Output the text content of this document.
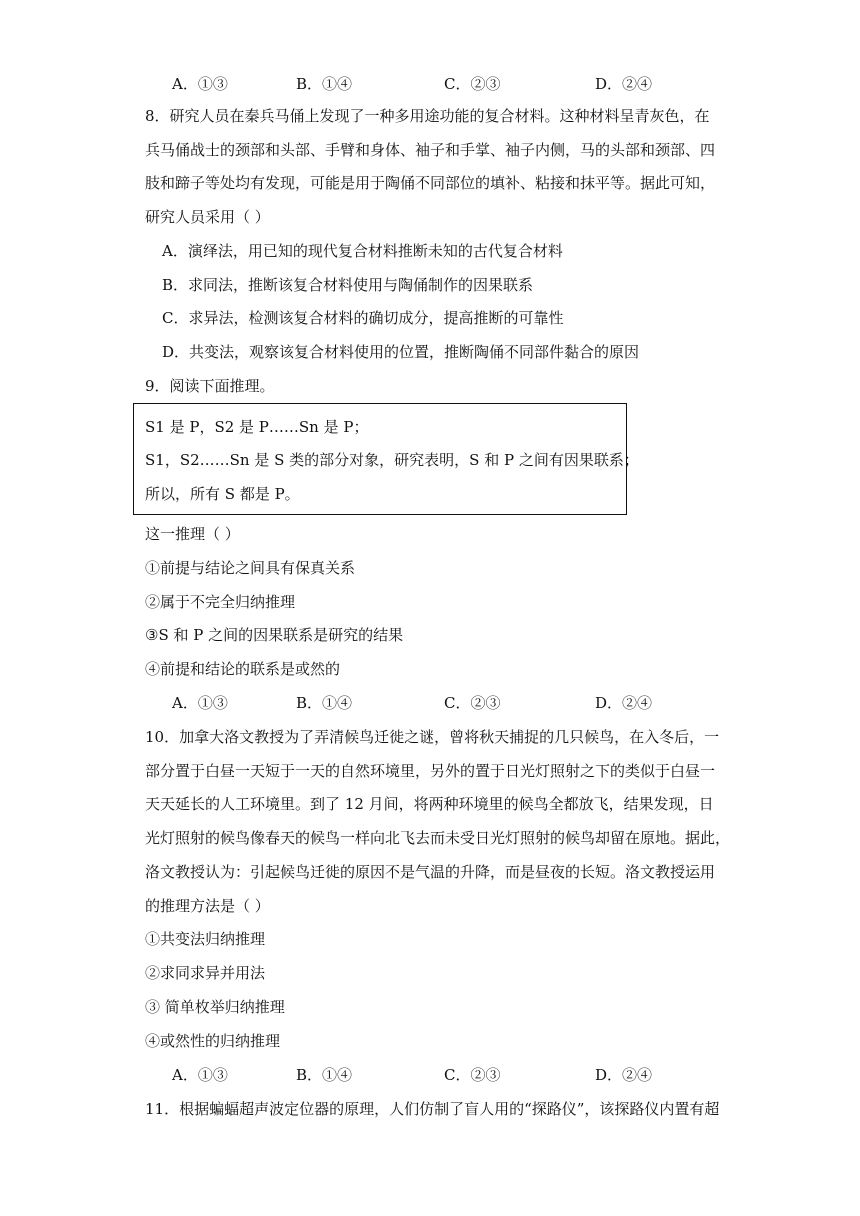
A．①③	B．①④	C．②③	D．②④
8．研究人员在秦兵马俑上发现了一种多用途功能的复合材料。这种材料呈青灰色，在
兵马俑战士的颈部和头部、手臂和身体、袖子和手掌、袖子内侧，马的头部和颈部、四
肢和蹄子等处均有发现，可能是用于陶俑不同部位的填补、粘接和抹平等。据此可知，
研究人员采用（ ）
A．演绎法，用已知的现代复合材料推断未知的古代复合材料
B．求同法，推断该复合材料使用与陶俑制作的因果联系
C．求异法，检测该复合材料的确切成分，提高推断的可靠性
D．共变法，观察该复合材料使用的位置，推断陶俑不同部件黏合的原因
9．阅读下面推理。
S1 是 P，S2 是 P……Sn 是 P；
S1，S2……Sn 是 S 类的部分对象，研究表明，S 和 P 之间有因果联系；
所以，所有 S 都是 P。
这一推理（ ）
①前提与结论之间具有保真关系
②属于不完全归纳推理
③S 和 P 之间的因果联系是研究的结果
④前提和结论的联系是或然的
A．①③	B．①④	C．②③	D．②④
10．加拿大洛文教授为了弄清候鸟迁徙之谜，曾将秋天捕捉的几只候鸟，在入冬后，一
部分置于白昼一天短于一天的自然环境里，另外的置于日光灯照射之下的类似于白昼一
天天延长的人工环境里。到了 12 月间，将两种环境里的候鸟全都放飞，结果发现，日
光灯照射的候鸟像春天的候鸟一样向北飞去而未受日光灯照射的候鸟却留在原地。据此，
洛文教授认为：引起候鸟迁徙的原因不是气温的升降，而是昼夜的长短。洛文教授运用
的推理方法是（ ）
①共变法归纳推理
②求同求异并用法
③ 简单枚举归纳推理
④或然性的归纳推理
A．①③	B．①④	C．②③	D．②④
11．根据蝙蝠超声波定位器的原理，人们仿制了盲人用的“探路仪”，该探路仪内置有超
